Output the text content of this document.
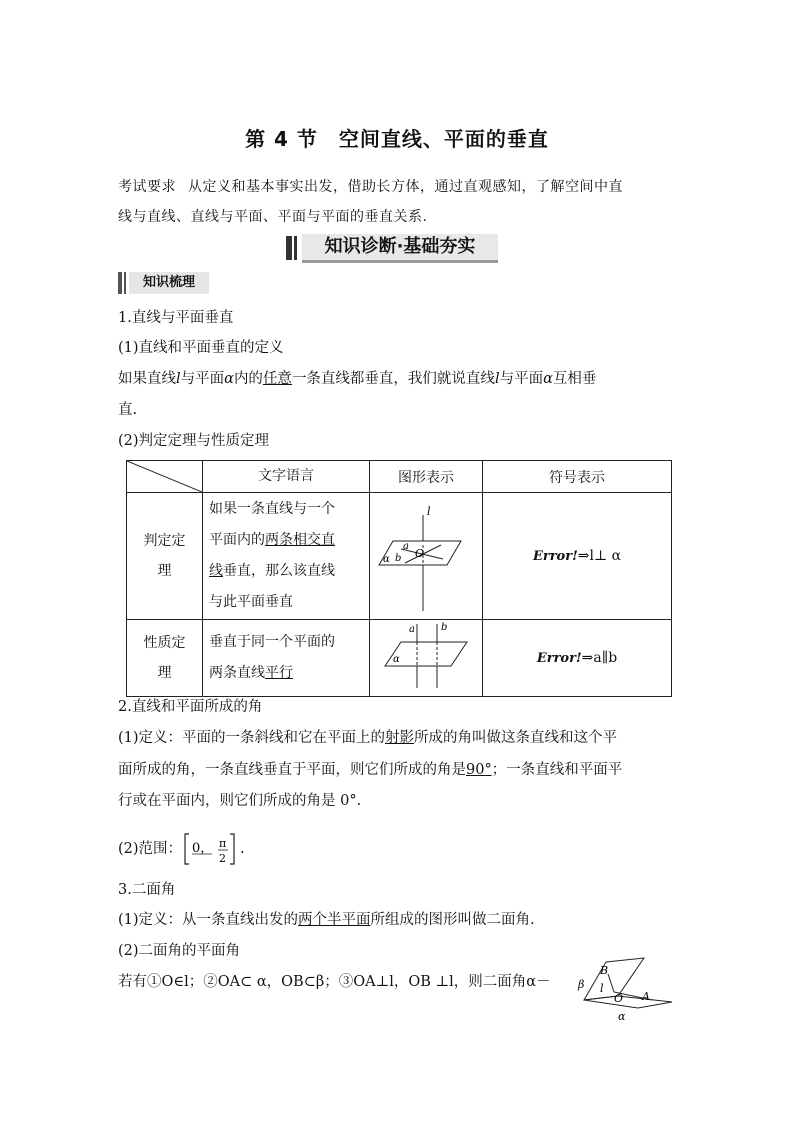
第 4 节　空间直线、平面的垂直
考试要求 从定义和基本事实出发，借助长方体，通过直观感知，了解空间中直
线与直线、直线与平面、平面与平面的垂直关系.
知识诊断·基础夯实
知识梳理
1.直线与平面垂直
(1)直线和平面垂直的定义
如果直线l与平面α内的任意一条直线都垂直，我们就说直线l与平面α互相垂
直.
(2)判定定理与性质定理
	文字语言	图形表示	符号表示
判定定
理	如果一条直线与一个
平面内的两条相交直
线垂直，那么该直线
与此平面垂直	l
a
b O
α	Error!⇒l⊥ α
性质定
理	垂直于同一个平面的
两条直线平行	a b
α	Error!⇒a∥b
2.直线和平面所成的角
(1)定义：平面的一条斜线和它在平面上的射影所成的角叫做这条直线和这个平
面所成的角，一条直线垂直于平面，则它们所成的角是90°；一条直线和平面平
行或在平面内，则它们所成的角是 0°.
(2)范围： 0， π
2
.
3.二面角
(1)定义：从一条直线出发的两个半平面所组成的图形叫做二面角.
(2)二面角的平面角
若有①O∈l；②OA⊂ α，OB⊂β；③OA⊥l，OB ⊥l，则二面角α－	β
B
l
O A
α
